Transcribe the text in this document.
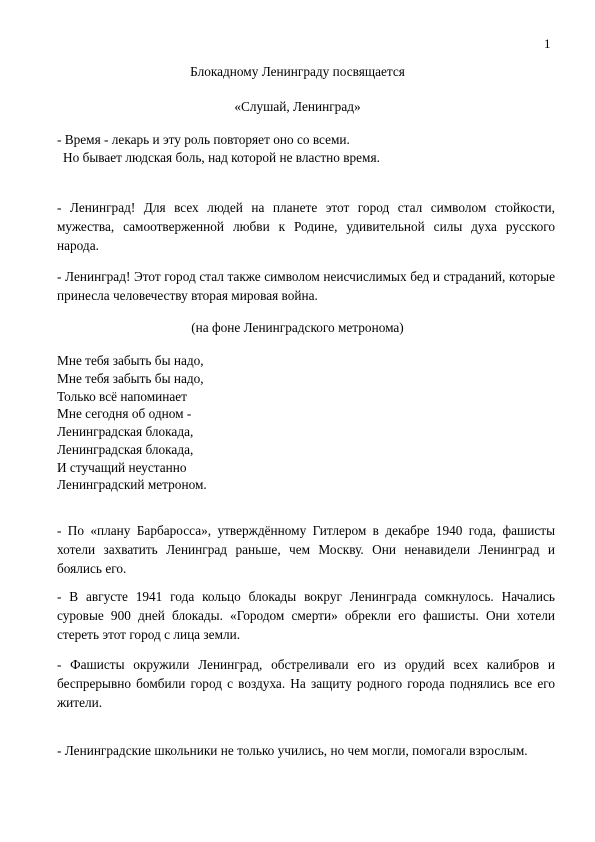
1
Блокадному Ленинграду посвящается
«Слушай, Ленинград»
- Время - лекарь и эту роль повторяет оно со всеми.
Но бывает людская боль, над которой не властно время.

- Ленинград! Для всех людей на планете этот город стал символом стойкости, мужества, самоотверженной любви к Родине, удивительной силы духа русского народа.

- Ленинград! Этот город стал также символом неисчислимых бед и страданий, которые принесла человечеству вторая мировая война.

(на фоне Ленинградского метронома)
Мне тебя забыть бы надо,
Мне тебя забыть бы надо,
Только всё напоминает
Мне сегодня об одном -
Ленинградская блокада,
Ленинградская блокада,
И стучащий неустанно
Ленинградский метроном.

- По «плану Барбаросса», утверждённому Гитлером в декабре 1940 года, фашисты хотели захватить Ленинград раньше, чем Москву. Они ненавидели Ленинград и боялись его.

- В августе 1941 года кольцо блокады вокруг Ленинграда сомкнулось. Начались суровые 900 дней блокады. «Городом смерти» обрекли его фашисты. Они хотели стереть этот город с лица земли.

- Фашисты окружили Ленинград, обстреливали его из орудий всех калибров и беспрерывно бомбили город с воздуха. На защиту родного города поднялись все его жители.

- Ленинградские школьники не только учились, но чем могли, помогали взрослым.
